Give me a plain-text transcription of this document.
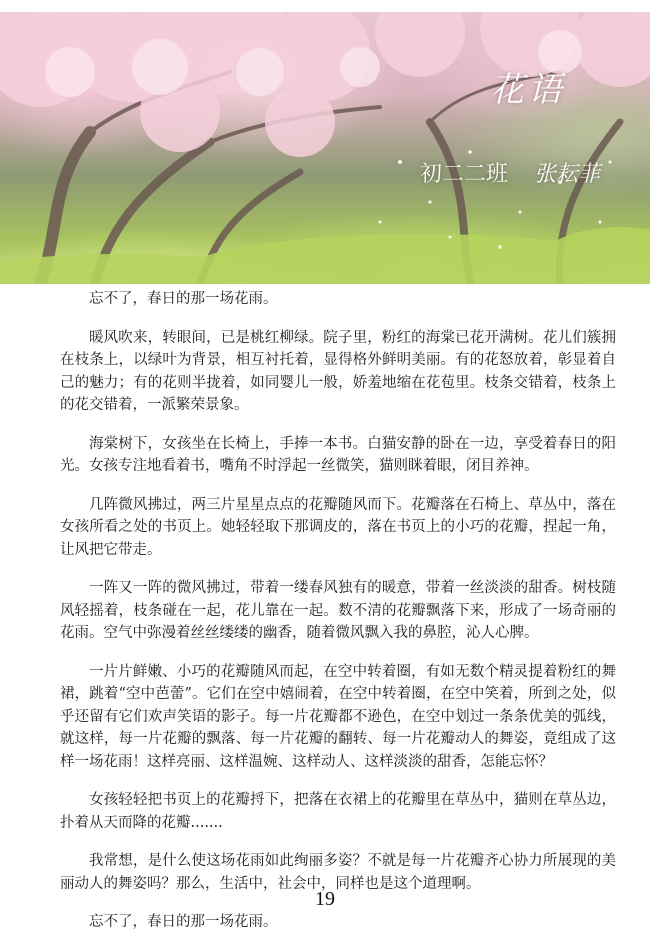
花语
初二二班 张耘菲

忘不了，春日的那一场花雨。

暖风吹来，转眼间，已是桃红柳绿。院子里，粉红的海棠已花开满树。花儿们簇拥在枝条上，以绿叶为背景，相互衬托着，显得格外鲜明美丽。有的花怒放着，彰显着自己的魅力；有的花则半拢着，如同婴儿一般，娇羞地缩在花苞里。枝条交错着，枝条上的花交错着，一派繁荣景象。

海棠树下，女孩坐在长椅上，手捧一本书。白猫安静的卧在一边，享受着春日的阳光。女孩专注地看着书，嘴角不时浮起一丝微笑，猫则眯着眼，闭目养神。

几阵微风拂过，两三片星星点点的花瓣随风而下。花瓣落在石椅上、草丛中，落在女孩所看之处的书页上。她轻轻取下那调皮的，落在书页上的小巧的花瓣，捏起一角，让风把它带走。

一阵又一阵的微风拂过，带着一缕春风独有的暖意，带着一丝淡淡的甜香。树枝随风轻摇着，枝条碰在一起，花儿靠在一起。数不清的花瓣飘落下来，形成了一场奇丽的花雨。空气中弥漫着丝丝缕缕的幽香，随着微风飘入我的鼻腔，沁人心脾。

一片片鲜嫩、小巧的花瓣随风而起，在空中转着圈，有如无数个精灵提着粉红的舞裙，跳着“空中芭蕾”。它们在空中嬉闹着，在空中转着圈，在空中笑着，所到之处，似乎还留有它们欢声笑语的影子。每一片花瓣都不逊色，在空中划过一条条优美的弧线，就这样，每一片花瓣的飘落、每一片花瓣的翻转、每一片花瓣动人的舞姿，竟组成了这样一场花雨！这样亮丽、这样温婉、这样动人、这样淡淡的甜香，怎能忘怀？

女孩轻轻把书页上的花瓣捋下，把落在衣裙上的花瓣里在草丛中，猫则在草丛边，扑着从天而降的花瓣.......

我常想，是什么使这场花雨如此绚丽多姿？不就是每一片花瓣齐心协力所展现的美丽动人的舞姿吗？那么，生活中，社会中，同样也是这个道理啊。

忘不了，春日的那一场花雨。

19
